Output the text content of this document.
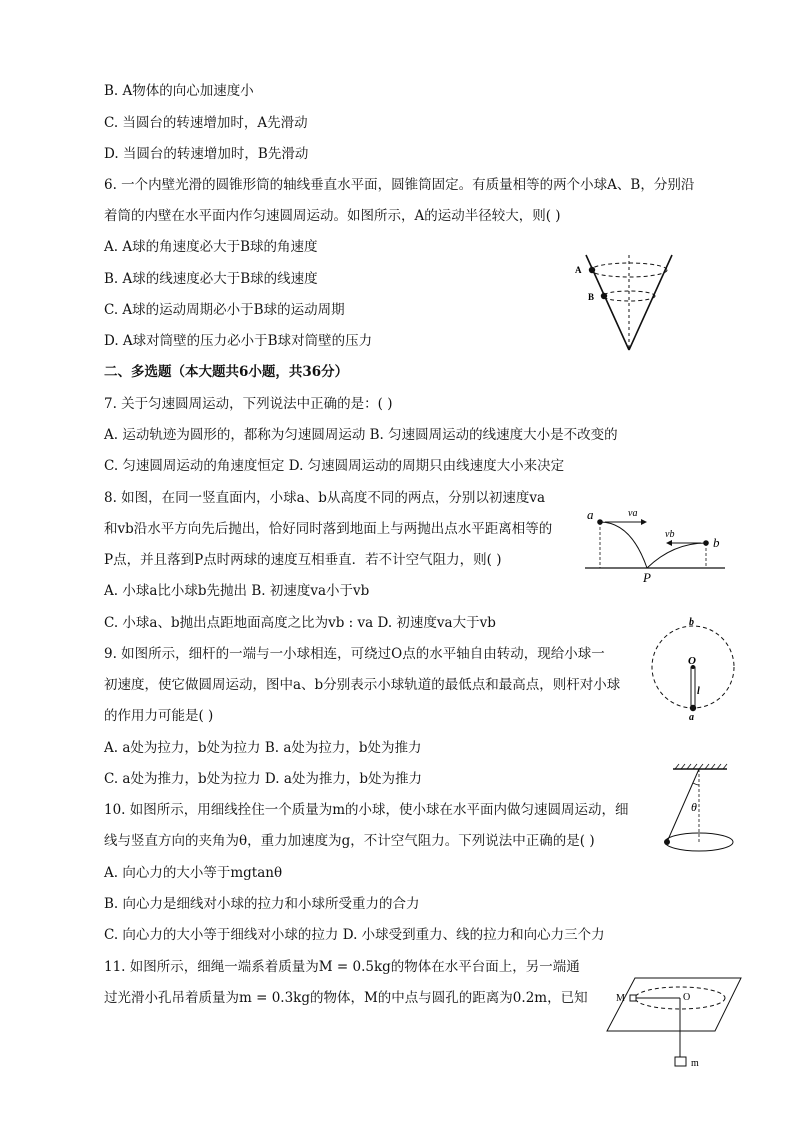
B. A物体的向心加速度小
C. 当圆台的转速增加时，A先滑动
D. 当圆台的转速增加时，B先滑动
6. 一个内壁光滑的圆锥形筒的轴线垂直水平面，圆锥筒固定。有质量相等的两个小球A、B，分别沿
着筒的内壁在水平面内作匀速圆周运动。如图所示，A的运动半径较大，则( )
A. A球的角速度必大于B球的角速度
B. A球的线速度必大于B球的线速度
C. A球的运动周期必小于B球的运动周期
D. A球对筒壁的压力必小于B球对筒壁的压力
二、多选题（本大题共6小题，共36分）
7. 关于匀速圆周运动，下列说法中正确的是：( )
A. 运动轨迹为圆形的，都称为匀速圆周运动 B. 匀速圆周运动的线速度大小是不改变的
C. 匀速圆周运动的角速度恒定 D. 匀速圆周运动的周期只由线速度大小来决定
8. 如图，在同一竖直面内，小球a、b从高度不同的两点，分别以初速度va
和vb沿水平方向先后抛出，恰好同时落到地面上与两抛出点水平距离相等的
P点，并且落到P点时两球的速度互相垂直．若不计空气阻力，则( )
A. 小球a比小球b先抛出 B. 初速度va小于vb
C. 小球a、b抛出点距地面高度之比为vb : va D. 初速度va大于vb
9. 如图所示，细杆的一端与一小球相连，可绕过O点的水平轴自由转动，现给小球一
初速度，使它做圆周运动，图中a、b分别表示小球轨道的最低点和最高点，则杆对小球
的作用力可能是( )
A. a处为拉力，b处为拉力 B. a处为拉力，b处为推力
C. a处为推力，b处为拉力 D. a处为推力，b处为推力
10. 如图所示，用细线拴住一个质量为m的小球，使小球在水平面内做匀速圆周运动，细
线与竖直方向的夹角为θ，重力加速度为g，不计空气阻力。下列说法中正确的是( )
A. 向心力的大小等于mgtanθ
B. 向心力是细线对小球的拉力和小球所受重力的合力
C. 向心力的大小等于细线对小球的拉力 D. 小球受到重力、线的拉力和向心力三个力
11. 如图所示，细绳一端系着质量为M = 0.5kg的物体在水平台面上，另一端通
过光滑小孔吊着质量为m = 0.3kg的物体，M的中点与圆孔的距离为0.2m，已知
A
B
a	va
vb
b
P
b
O
l
a
θ
M	O
m
